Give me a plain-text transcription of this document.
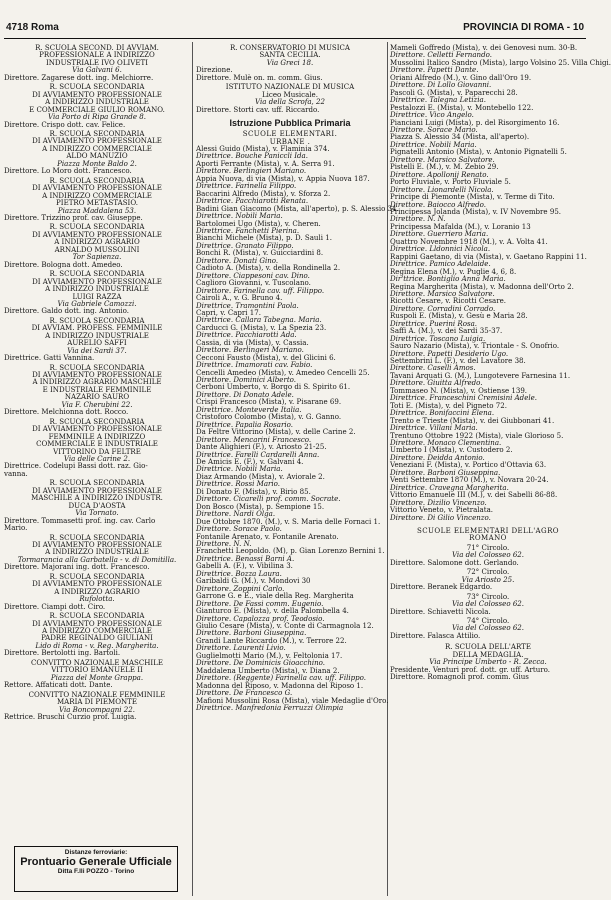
4718 Roma	PROVINCIA DI ROMA - 10
R. SCUOLA SECOND. DI AVVIAM.
PROFESSIONALE A INDIRIZZO
INDUSTRIALE IVO OLIVETI
Via Galvani 6.
Direttore. Zagarese dott. ing. Melchiorre.
R. SCUOLA SECONDARIA
DI AVVIAMENTO PROFESSIONALE
A INDIRIZZO INDUSTRIALE
E COMMERCIALE GIULIO ROMANO.
Via Porto di Ripa Grande 8.
Direttore. Crispo dott. cav. Felice.
R. SCUOLA SECONDARIA
DI AVVIAMENTO PROFESSIONALE
A INDIRIZZO COMMERCIALE
ALDO MANUZIO
Piazza Monte Baldo 2.
Direttore. Lo Moro dott. Francesco.
R. SCUOLA SECONDARIA
DI AVVIAMENTO PROFESSIONALE
A INDIRIZZO COMMERCIALE
PIETRO METASTASIO.
Piazza Maddalena 53.
Direttore. Trizzino prof. cav. Giuseppe.
R. SCUOLA SECONDARIA
DI AVVIAMENTO PROFESSIONALE
A INDIRIZZO AGRARIO
ARNALDO MUSSOLINI
Tor Sapienza.
Direttore. Bologna dott. Amedeo.
R. SCUOLA SECONDARIA
DI AVVIAMENTO PROFESSIONALE
A INDIRIZZO INDUSTRIALE
LUIGI RAZZA
Via Gabriele Camozzi.
Direttore. Galdo dott. ing. Antonio.
R. SCUOLA SECONDARIA
DI AVVIAM. PROFESS. FEMMINILE
A INDIRIZZO INDUSTRIALE
AURELIO SAFFI
Via dei Sardi 37.
Direttrice. Gatti Vannina.
R. SCUOLA SECONDARIA
DI AVVIAMENTO PROFESSIONALE
A INDIRIZZO AGRARIO MASCHILE
E INDUSTRIALE FEMMINILE
NAZARIO SAURO
Via F. Cherubini 22.
Direttore. Melchionna dott. Rocco.
R. SCUOLA SECONDARIA
DI AVVIAMENTO PROFESSIONALE
FEMMINILE A INDIRIZZO
COMMERCIALE E INDUSTRIALE
VITTORINO DA FELTRE
Via delle Carine 2.
Direttrice. Codelupi Bassi dott. raz. Gio-
vanna.
R. SCUOLA SECONDARIA
DI AVVIAMENTO PROFESSIONALE
MASCHILE A INDIRIZZO INDUSTR.
DUCA D'AOSTA
Via Tornato.
Direttore. Tommasetti prof. ing. cav. Carlo
Mario.
R. SCUOLA SECONDARIA
DI AVVIAMENTO PROFESSIONALE
A INDIRIZZO INDUSTRIALE
Tormarancia alla Garbatella - v. di Domitilla.
Direttore. Majorani ing. dott. Francesco.
R. SCUOLA SECONDARIA
DI AVVIAMENTO PROFESSIONALE
A INDIRIZZO AGRARIO
Rufolotta.
Direttore. Ciampi dott. Ciro.
R. SCUOLA SECONDARIA
DI AVVIAMENTO PROFESSIONALE
A INDIRIZZO COMMERCIALE
PADRE REGINALDO GIULIANI
Lido di Roma - v. Reg. Margherita.
Direttore. Bertolotti ing. Bartoli.
CONVITTO NAZIONALE MASCHILE
VITTORIO EMANUELE II
Piazza del Monte Grappa.
Rettore. Affaticati dott. Dante.
CONVITTO NAZIONALE FEMMINILE
MARIA DI PIEMONTE
Via Boncompagni 22.
Rettrice. Bruschi Curzio prof. Luigia.
R. CONSERVATORIO DI MUSICA
SANTA CECILIA.
Via Greci 18.
Direzione.
Direttore. Mulè on. m. comm. Gius.
ISTITUTO NAZIONALE DI MUSICA
Liceo Musicale.
Via della Scrofa, 22
Direttore. Storti cav. uff. Riccardo.
Istruzione Pubblica Primaria
SCUOLE ELEMENTARI.
URBANE .
Alessi Guido (Mista), v. Flaminia 374.
Direttrice. Bouche Paniccli Ida.
Aporti Ferrante (Mista), v. A. Serra 91.
Direttore. Berlingieri Mariano.
Appia Nuova, di via (Mista), v. Appia Nuova 187.
Direttrice. Farinella Filippo.
Baccarini Alfredo (Mista), v. Sforza 2.
Direttrice. Pacchiarotti Renata.
Badini Gian Giacomo (Mista, all'aperto), p. S. Alessio 34.
Direttrice. Nobili Maria.
Bartolomei Ugo (Mista), v. Cheren.
Direttrice. Fanchetti Pierina.
Bianchi Michele (Mista), p. D. Sauli 1.
Direttrice. Granato Filippo.
Bonchi R. (Mista), v. Guicciardini 8.
Direttore. Donati Gino.
Cadioto A. (Mista), v. della Rondinella 2.
Direttore. Ciappesoni cav. Dino.
Caglioro Giovanni, v. Tuscolano.
Direttore. Farinella cav. uff. Filippo.
Cairoli A., v. G. Bruno 4.
Direttrice. Tramontini Paola.
Capri, v. Capri 17.
Direttrice. Callara Tabegna. Maria.
Carducci G. (Mista), v. La Spezia 23.
Direttrice. Pacchiarotti Ada.
Cassia, di via (Mista), v. Cassia.
Direttore. Berlingeri Mariano.
Cecconi Fausto (Mista), v. del Glicini 6.
Direttrice. Imamorati cav. Fabio.
Cencelli Amedeo (Mista), v. Amedeo Cencelli 25.
Direttore. Dominici Alberto.
Cerboni Umberto, v. Borgo di S. Spirito 61.
Direttore. Di Donato Adele.
Crispi Francesco (Mista), v. Pisarane 69.
Direttrice. Monteverde Italia.
Cristoforo Colombo (Mista), v. G. Ganno.
Direttrice. Papalia Rosario.
Da Feltre Vittorino (Mista), v. delle Carine 2.
Direttore. Mencarini Francesco.
Dante Alighieri (F.), v. Ariosto 21-25.
Direttrice. Farelli Cardarelli Anna.
De Amicis E. (F.), v. Galvani 4.
Direttrice. Nobili Maria.
Diaz Armando (Mista), v. Aviorale 2.
Direttrice. Rossi Mario.
Di Donato F. (Mista), v. Birio 85.
Direttore. Cicarelli prof. comm. Socrate.
Don Bosco (Mista), p. Sempione 15.
Direttore. Nardi Olga.
Due Ottobre 1870. (M.), v. S. Maria delle Fornaci 1.
Direttore. Sorace Paolo.
Fontanile Arenato, v. Fontanile Arenato.
Direttore. N. N.
Franchetti Leopoldo. (M), p. Gian Lorenzo Bernini 1.
Direttrice. Benassi Barni A.
Gabelli A. (F.), v. Vibilina 3.
Direttrice. Bozza Laura.
Garibaldi G. (M.), v. Mondovi 30
Direttore. Zoppini Carlo.
Garrone G. e E., viale della Reg. Margherita
Direttore. De Fassi comm. Eugenio.
Gianturco E. (Mista), v. della Palombella 4.
Direttore. Capalozza prof. Teodosio.
Giulio Cesare (Mista), v. Conte di Carmagnola 12.
Direttore. Barboni Giuseppina.
Grandi Lante Riccardo (M.), v. Terrore 22.
Direttore. Laurenti Livio.
Guglielmotti Mario (M.), v. Feltolonia 17.
Direttore. De Dominicis Gioacchino.
Maddalena Umberto (Mista), v. Diana 2.
Direttore. (Reggente) Farinella cav. uff. Filippo.
Madonna del Riposo, v. Madonna del Riposo 1.
Direttore. De Francesco G.
Mafioni Mussolini Rosa (Mista), viale Medaglie d'Oro.
Direttrice. Manfredonia Ferruzzi Olimpia
Mameli Goffredo (Mista), v. dei Genovesi num. 30-B.
Direttore. Celletti Fernando.
Mussolini Italico Sandro (Mista), largo Volsino 25. Villa Chigi.
Direttore. Papetti Dante.
Oriani Alfredo (M.), v. Gino dall'Oro 19.
Direttore. Di Lollo Giovanni.
Pascoli G. (Mista), v. Paparecchi 28.
Direttrice. Talegna Letizia.
Pestalozzi E. (Mista), v. Montebello 122.
Direttrice. Vico Angelo.
Pianciani Luigi (Mista), p. del Risorgimento 16.
Direttore. Sorace Mario.
Piazza S. Alessio 34 (Mista, all'aperto).
Direttrice. Nobili Maria.
Pignatelli Antonio (Mista), v. Antonio Pignatelli 5.
Direttore. Marsico Salvatore.
Pistelli E. (M.), v. M. Zebio 29.
Direttore. Apollonij Renato.
Porto Fluviale, v. Porto Fluviale 5.
Direttore. Lionardelli Nicola.
Principe di Piemonte (Mista), v. Terme di Tito.
Direttore. Baiocco Alfredo.
Principessa Jolanda (Mista), v. IV Novembre 95.
Direttore. N. N.
Principessa Mafalda (M.), v. Loranio 13
Direttore. Guerriero Maria.
Quattro Novembre 1918 (M.), v. A. Volta 41.
Direttrice. Lldonnici Nicola.
Rappini Gaetano, di via (Mista), v. Gaetano Rappini 11.
Direttrice. Pamico Adelaide.
Regina Elena (M.), v. Puglie 4, 6, 8.
Dir'ttrice. Bontiglio Anna Maria.
Regina Margherita (Mista), v. Madonna dell'Orto 2.
Direttore. Marsico Salvatore.
Ricotti Cesare, v. Ricotti Cesare.
Direttore. Corradini Corrado.
Ruspoli E. (Mista), v. Gesù e Maria 28.
Direttrice. Puerini Rosa.
Saffi A. (M.), v. dei Sardi 35-37.
Direttrice. Toscano Luigia.
Sauro Nazario (Mista), v. Triontale - S. Onofrio.
Direttore. Papetti Desiderio Ugo.
Settembrini L. (F.), v. del Lavatore 38.
Direttore. Caselli Amos.
Tavani Arquati G. (M.), Lungotevere Farnesina 11.
Direttore. Giuitta Alfredo.
Tommaseo N. (Mista), v. Ostiense 139.
Direttrice. Franceschini Cremisini Adele.
Toti E. (Mista), v. del Pigneto 72.
Direttrice. Bonifaccini Elena.
Trento e Trieste (Mista), v. dei Giubbonari 41.
Direttrice. Villani Maria.
Trentuno Ottobre 1922 (Mista), viale Glorioso 5.
Direttore. Monaco Clementina.
Umberto I (Mista), v. Custodero 2.
Direttore. Deidda Antonio.
Veneziani F. (Mista), v. Portico d'Ottavia 63.
Direttore. Barboni Giuseppina.
Venti Settembre 1870 (M.), v. Novara 20-24.
Direttrice. Cravegna Margherita.
Vittorio Emanuele III (M.), v. dei Sabelli 86-88.
Direttore. Dizilio Vincenzo.
Vittorio Veneto, v. Pietralata.
Direttore. Di Gilio Vincenzo.
SCUOLE ELEMENTARI DELL'AGRO
ROMANO
71° Circolo.
Via del Colosseo 62.
Direttore. Salomone dott. Gerlando.
72° Circolo.
Via Ariosto 25.
Direttore. Beranek Edgardo.
73° Circolo.
Via del Colosseo 62.
Direttore. Schiavetti Nicola.
74° Circolo.
Via del Colosseo 62.
Direttore. Falasca Attilio.
R. SCUOLA DELL'ARTE
DELLA MEDAGLIA.
Via Principe Umberto - R. Zecca.
Presidente. Venturi prof. dott. gr. uff. Arturo.
Direttore. Romagnoli prof. comm. Gius
Distanze ferroviarie:
Prontuario Generale Ufficiale
Ditta F.lli POZZO - Torino
